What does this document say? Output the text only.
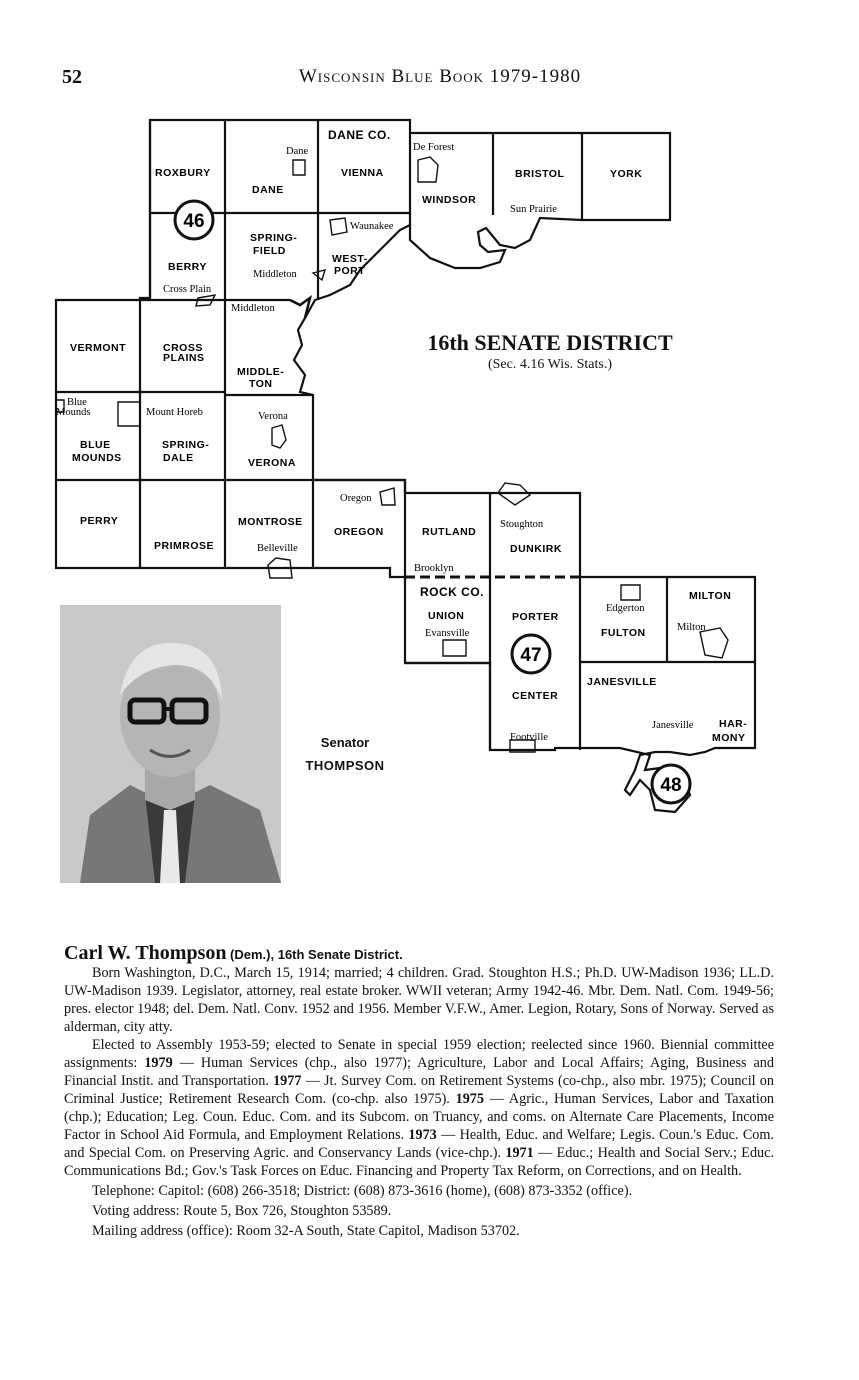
52	Wisconsin Blue Book 1979-1980
DANE CO.
ROCK CO.
ROXBURY
DANE
VIENNA
WINDSOR
BRISTOL	YORK
BERRY
SPRING-
FIELD
WEST-
PORT
VERMONT	CROSS
PLAINS
MIDDLE-
TON
BLUE
MOUNDS
SPRING-
DALE	VERONA
PERRY
PRIMROSE
MONTROSE
OREGON	RUTLAND
DUNKIRK
UNION	PORTER
FULTON
MILTON
CENTER
JANESVILLE
HAR-
MONY
Dane	De Forest
Sun Prairie
Waunakee
Middleton
Cross Plain
Middleton
Blue
Mounds	Mount Horeb	Verona
Oregon
Stoughton
Belleville
Brooklyn
Evansville
Edgerton
Milton
Janesville
Footville
46
47
48
16th SENATE DISTRICT
(Sec. 4.16 Wis. Stats.)
Senator
THOMPSON

Carl W. Thompson (Dem.), 16th Senate District.

Born Washington, D.C., March 15, 1914; married; 4 children. Grad. Stoughton H.S.; Ph.D. UW-Madison 1936; LL.D. UW-Madison 1939. Legislator, attorney, real estate broker. WWII veteran; Army 1942-46. Mbr. Dem. Natl. Com. 1949-56; pres. elector 1948; del. Dem. Natl. Conv. 1952 and 1956. Member V.F.W., Amer. Legion, Rotary, Sons of Norway. Served as alderman, city atty.

Elected to Assembly 1953-59; elected to Senate in special 1959 election; reelected since 1960. Biennial committee assignments: 1979 — Human Services (chp., also 1977); Agriculture, Labor and Local Affairs; Aging, Business and Financial Instit. and Transportation. 1977 — Jt. Survey Com. on Retirement Systems (co-chp., also mbr. 1975); Council on Criminal Justice; Retirement Research Com. (co-chp. also 1975). 1975 — Agric., Human Services, Labor and Taxation (chp.); Education; Leg. Coun. Educ. Com. and its Subcom. on Truancy, and coms. on Alternate Care Placements, Income Factor in School Aid Formula, and Employment Relations. 1973 — Health, Educ. and Welfare; Legis. Coun.'s Educ. Com. and Special Com. on Preserving Agric. and Conservancy Lands (vice-chp.). 1971 — Educ.; Health and Social Serv.; Educ. Communications Bd.; Gov.'s Task Forces on Educ. Financing and Property Tax Reform, on Corrections, and on Health.

Telephone: Capitol: (608) 266-3518; District: (608) 873-3616 (home), (608) 873-3352 (office).

Voting address: Route 5, Box 726, Stoughton 53589.

Mailing address (office): Room 32-A South, State Capitol, Madison 53702.
